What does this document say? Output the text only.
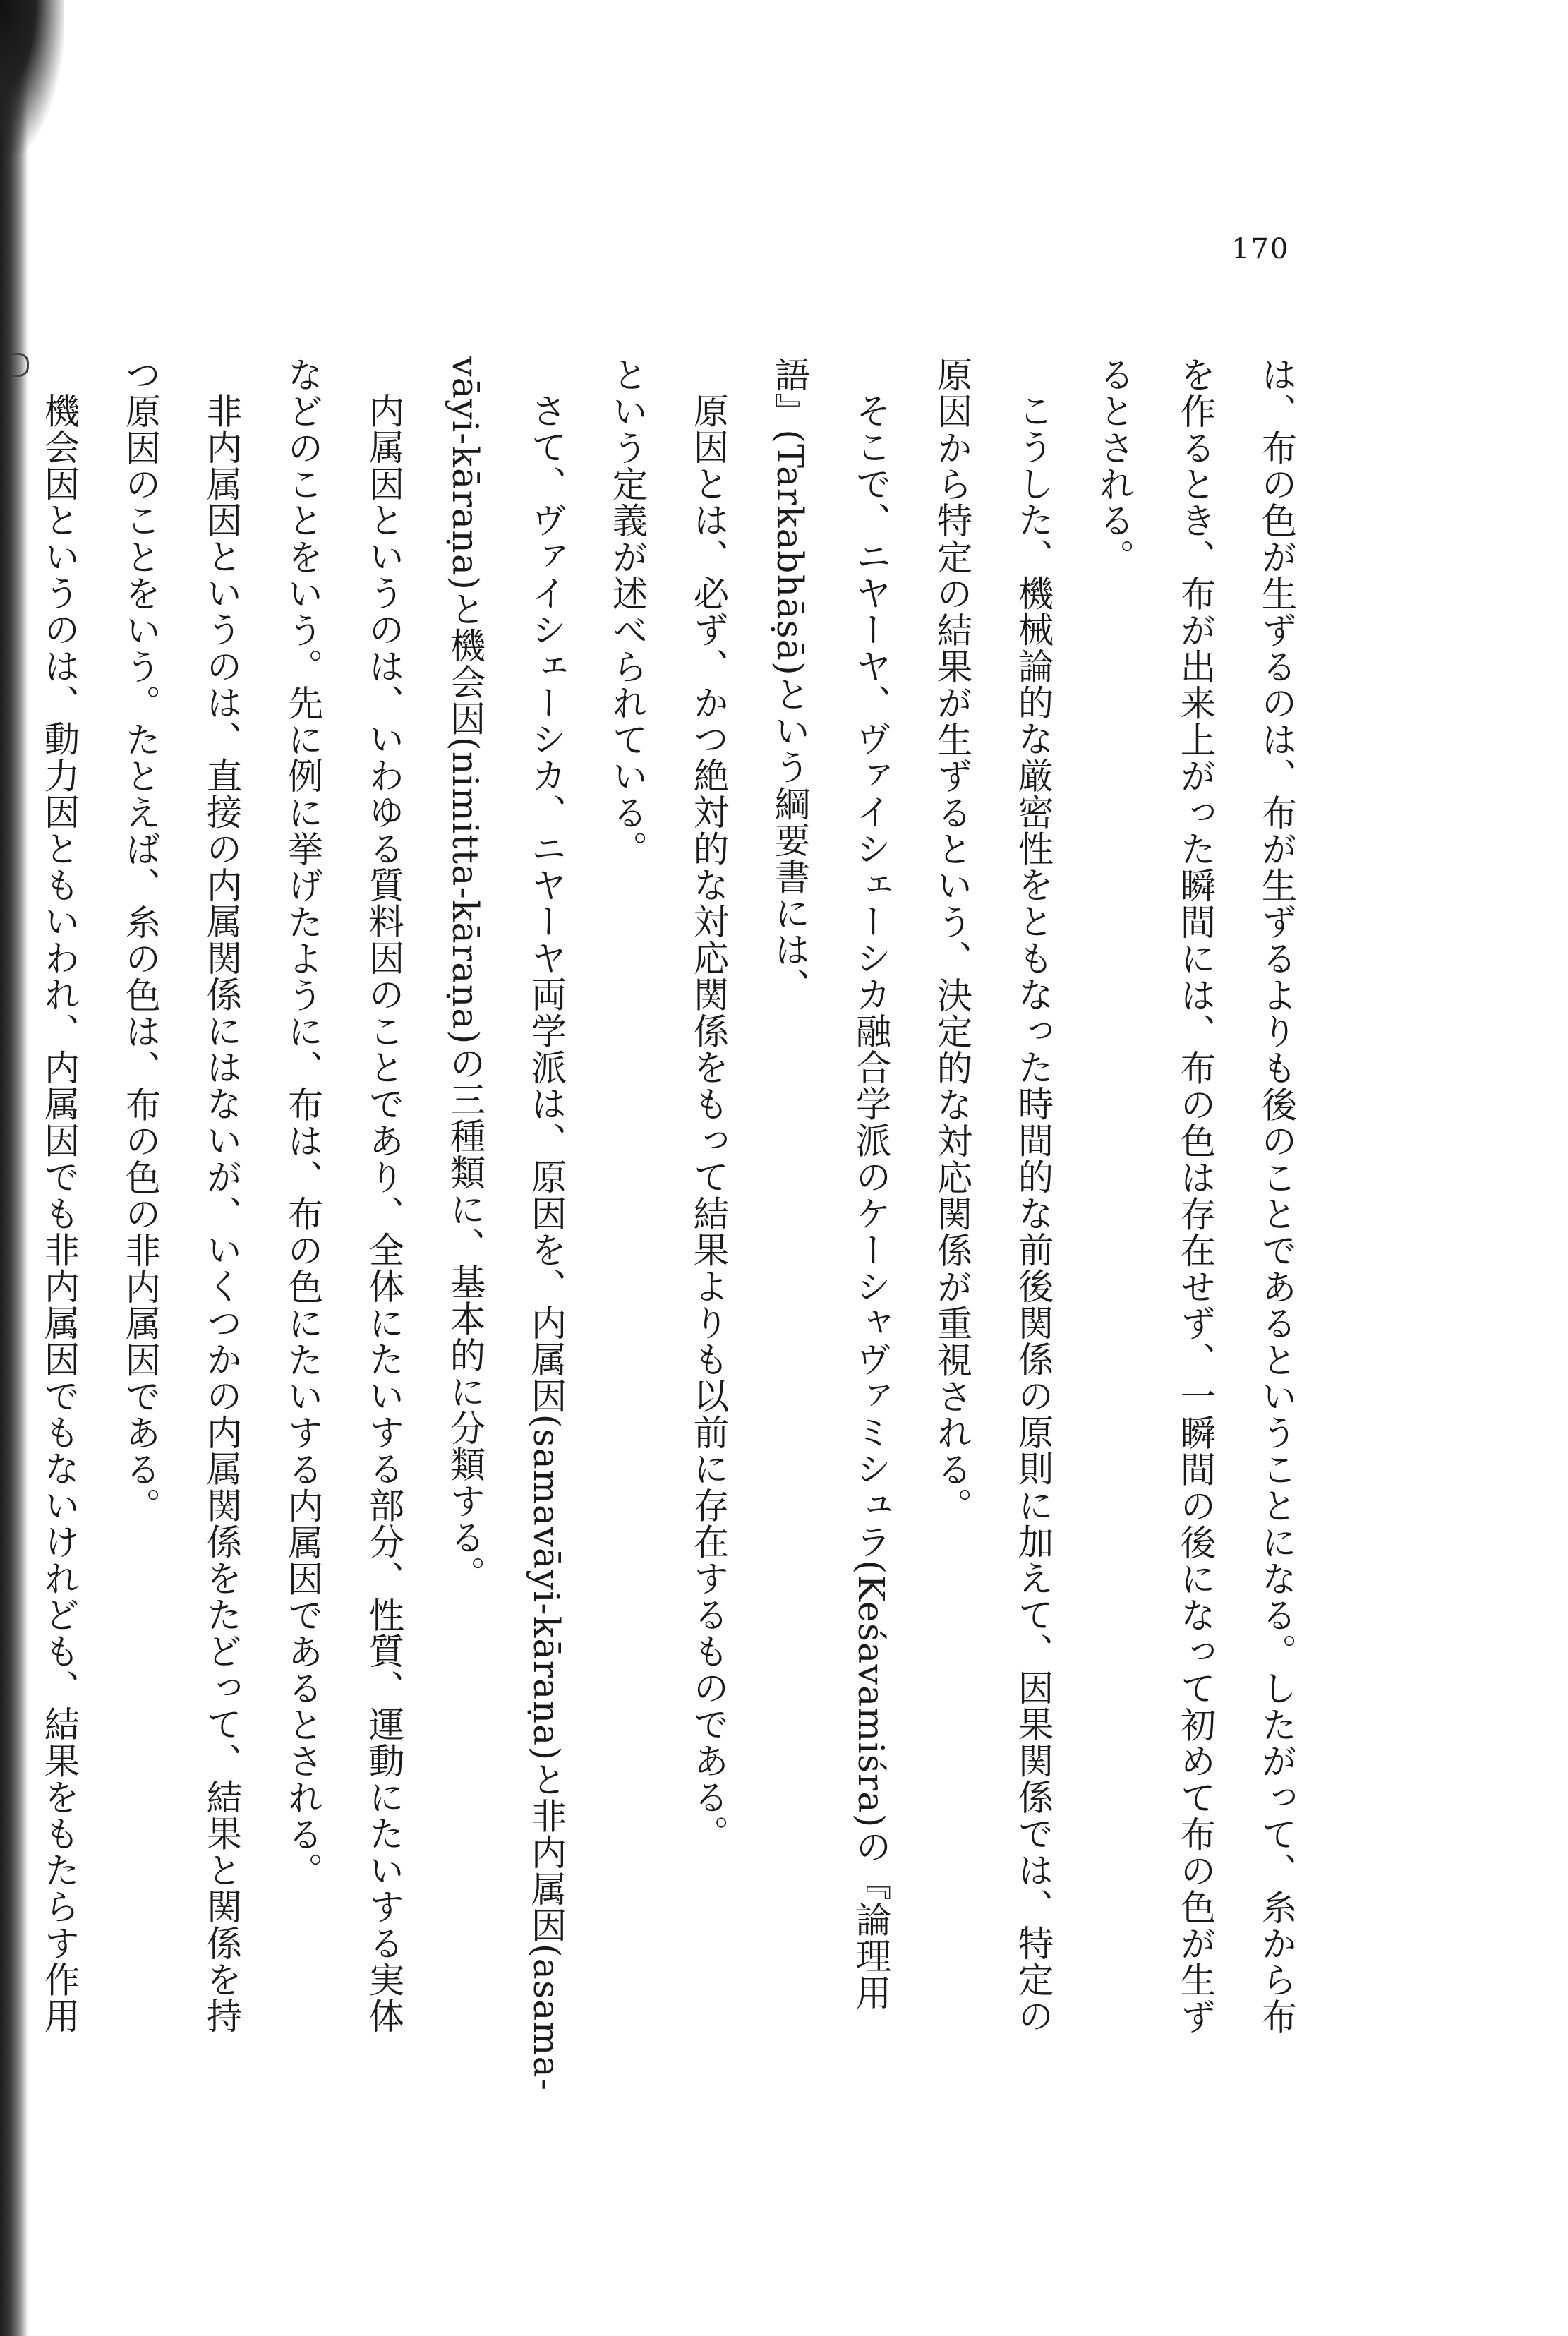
170
は、布の色が生ずるのは、布が生ずるよりも後のことであるということになる。したがって、糸から布
を作るとき、布が出来上がった瞬間には、布の色は存在せず、一瞬間の後になって初めて布の色が生ず
るとされる。
こうした、機械論的な厳密性をともなった時間的な前後関係の原則に加えて、因果関係では、特定の
原因から特定の結果が生ずるという、決定的な対応関係が重視される。
そこで、ニヤーヤ、ヴァイシェーシカ融合学派のケーシャヴァミシュラ(Keśavamiśra)の『論理用
語』(Tarkabhāṣā)という綱要書には、
原因とは、必ず、かつ絶対的な対応関係をもって結果よりも以前に存在するものである。
という定義が述べられている。
さて、ヴァイシェーシカ、ニヤーヤ両学派は、原因を、内属因(samavāyi-kāraṇa)と非内属因(asama-
vāyi-kāraṇa)と機会因(nimitta-kāraṇa)の三種類に、基本的に分類する。
内属因というのは、いわゆる質料因のことであり、全体にたいする部分、性質、運動にたいする実体
などのことをいう。先に例に挙げたように、布は、布の色にたいする内属因であるとされる。
非内属因というのは、直接の内属関係にはないが、いくつかの内属関係をたどって、結果と関係を持
つ原因のことをいう。たとえば、糸の色は、布の色の非内属因である。
機会因というのは、動力因ともいわれ、内属因でも非内属因でもないけれども、結果をもたらす作用
